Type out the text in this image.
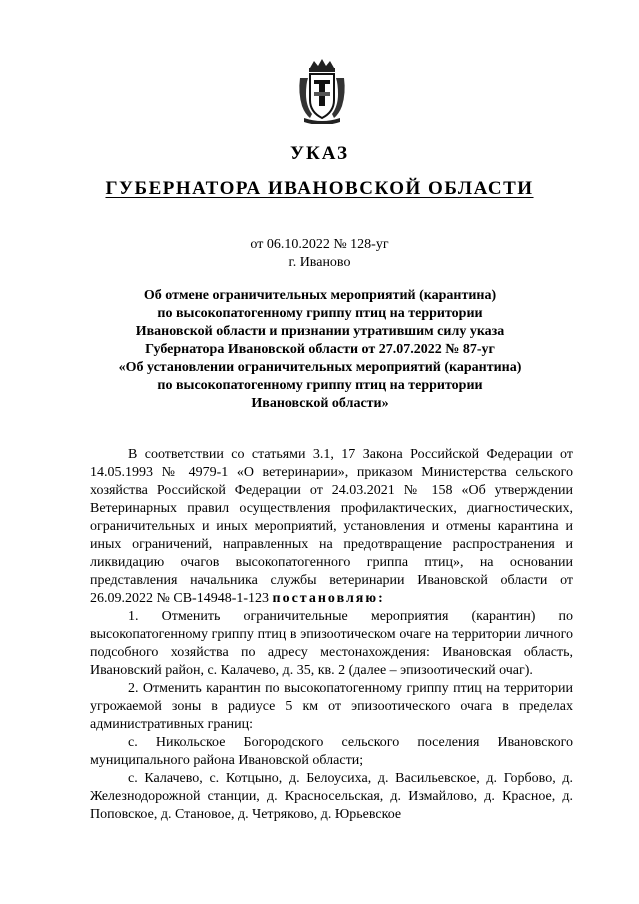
УКАЗ
ГУБЕРНАТОРА ИВАНОВСКОЙ ОБЛАСТИ
от 06.10.2022 № 128-уг
г. Иваново
Об отмене ограничительных мероприятий (карантина)
по высокопатогенному гриппу птиц на территории
Ивановской области и признании утратившим силу указа
Губернатора Ивановской области от 27.07.2022 № 87-уг
«Об установлении ограничительных мероприятий (карантина)
по высокопатогенному гриппу птиц на территории
Ивановской области»

В соответствии со статьями 3.1, 17 Закона Российской Федерации от 14.05.1993 № 4979-1 «О ветеринарии», приказом Министерства сельского хозяйства Российской Федерации от 24.03.2021 № 158 «Об утверждении Ветеринарных правил осуществления профилактических, диагностических, ограничительных и иных мероприятий, установления и отмены карантина и иных ограничений, направленных на предотвращение распространения и ликвидацию очагов высокопатогенного гриппа птиц», на основании представления начальника службы ветеринарии Ивановской области от 26.09.2022 № СВ-14948-1-123 постановляю:

1. Отменить ограничительные мероприятия (карантин) по высокопатогенному гриппу птиц в эпизоотическом очаге на территории личного подсобного хозяйства по адресу местонахождения: Ивановская область, Ивановский район, с. Калачево, д. 35, кв. 2 (далее – эпизоотический очаг).

2. Отменить карантин по высокопатогенному гриппу птиц на территории угрожаемой зоны в радиусе 5 км от эпизоотического очага в пределах административных границ:

с. Никольское Богородского сельского поселения Ивановского муниципального района Ивановской области;

с. Калачево, с. Котцыно, д. Белоусиха, д. Васильевское, д. Горбово, д. Железнодорожной станции, д. Красносельская, д. Измайлово, д. Красное, д. Поповское, д. Становое, д. Четряково, д. Юрьевское
